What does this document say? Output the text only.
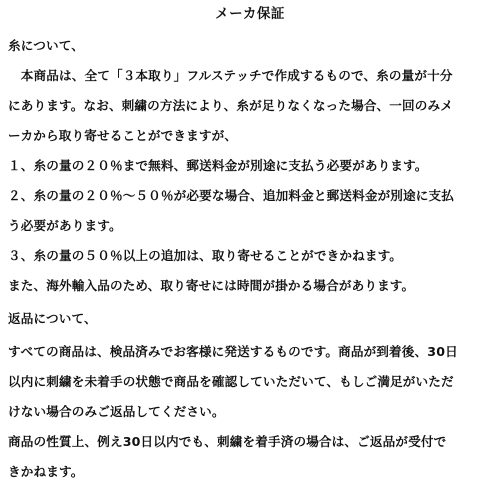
メーカ保証
糸について、
　本商品は、全て「３本取り」フルステッチで作成するもので、糸の量が十分
にあります。なお、刺繍の方法により、糸が足りなくなった場合、一回のみメ
ーカから取り寄せることができますが、
１、糸の量の２０％まで無料、郵送料金が別途に支払う必要があります。
２、糸の量の２０％～５０％が必要な場合、追加料金と郵送料金が別途に支払
う必要があります。
３、糸の量の５０％以上の追加は、取り寄せることができかねます。
また、海外輸入品のため、取り寄せには時間が掛かる場合があります。
返品について、
すべての商品は、検品済みでお客様に発送するものです。商品が到着後、30日
以内に刺繍を未着手の状態で商品を確認していただいて、もしご満足がいただ
けない場合のみご返品してください。
商品の性質上、例え30日以内でも、刺繍を着手済の場合は、ご返品が受付で
きかねます。
